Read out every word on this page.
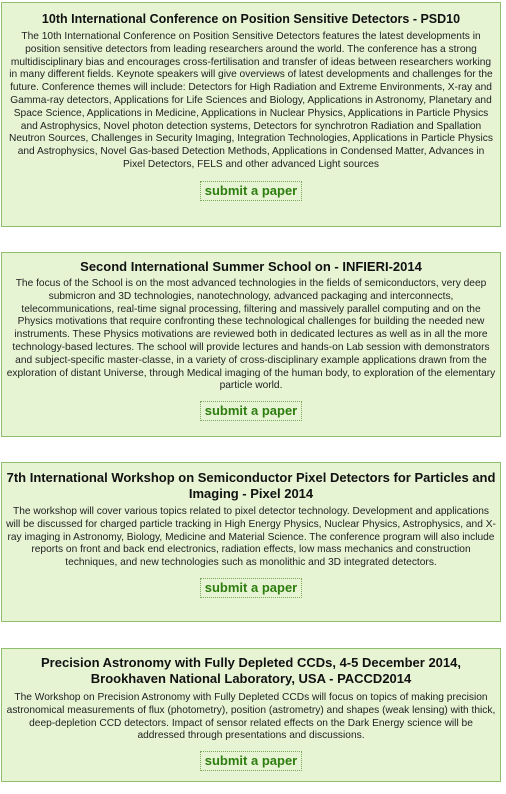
10th International Conference on Position Sensitive Detectors - PSD10

The 10th International Conference on Position Sensitive Detectors features the latest developments in position sensitive detectors from leading researchers around the world. The conference has a strong multidisciplinary bias and encourages cross-fertilisation and transfer of ideas between researchers working in many different fields. Keynote speakers will give overviews of latest developments and challenges for the future. Conference themes will include: Detectors for High Radiation and Extreme Environments, X-ray and Gamma-ray detectors, Applications for Life Sciences and Biology, Applications in Astronomy, Planetary and Space Science, Applications in Medicine, Applications in Nuclear Physics, Applications in Particle Physics and Astrophysics, Novel photon detection systems, Detectors for synchrotron Radiation and Spallation Neutron Sources, Challenges in Security Imaging, Integration Technologies, Applications in Particle Physics and Astrophysics, Novel Gas-based Detection Methods, Applications in Condensed Matter, Advances in Pixel Detectors, FELS and other advanced Light sources

submit a paper
Second International Summer School on - INFIERI-2014

The focus of the School is on the most advanced technologies in the fields of semiconductors, very deep submicron and 3D technologies, nanotechnology, advanced packaging and interconnects, telecommunications, real-time signal processing, filtering and massively parallel computing and on the Physics motivations that require confronting these technological challenges for building the needed new instruments. These Physics motivations are reviewed both in dedicated lectures as well as in all the more technology-based lectures. The school will provide lectures and hands-on Lab session with demonstrators and subject-specific master-classe, in a variety of cross-disciplinary example applications drawn from the exploration of distant Universe, through Medical imaging of the human body, to exploration of the elementary particle world.

submit a paper
7th International Workshop on Semiconductor Pixel Detectors for Particles and Imaging - Pixel 2014

The workshop will cover various topics related to pixel detector technology. Development and applications will be discussed for charged particle tracking in High Energy Physics, Nuclear Physics, Astrophysics, and X-ray imaging in Astronomy, Biology, Medicine and Material Science. The conference program will also include reports on front and back end electronics, radiation effects, low mass mechanics and construction techniques, and new technologies such as monolithic and 3D integrated detectors.

submit a paper
Precision Astronomy with Fully Depleted CCDs, 4-5 December 2014, Brookhaven National Laboratory, USA - PACCD2014

The Workshop on Precision Astronomy with Fully Depleted CCDs will focus on topics of making precision astronomical measurements of flux (photometry), position (astrometry) and shapes (weak lensing) with thick, deep-depletion CCD detectors. Impact of sensor related effects on the Dark Energy science will be addressed through presentations and discussions.

submit a paper
